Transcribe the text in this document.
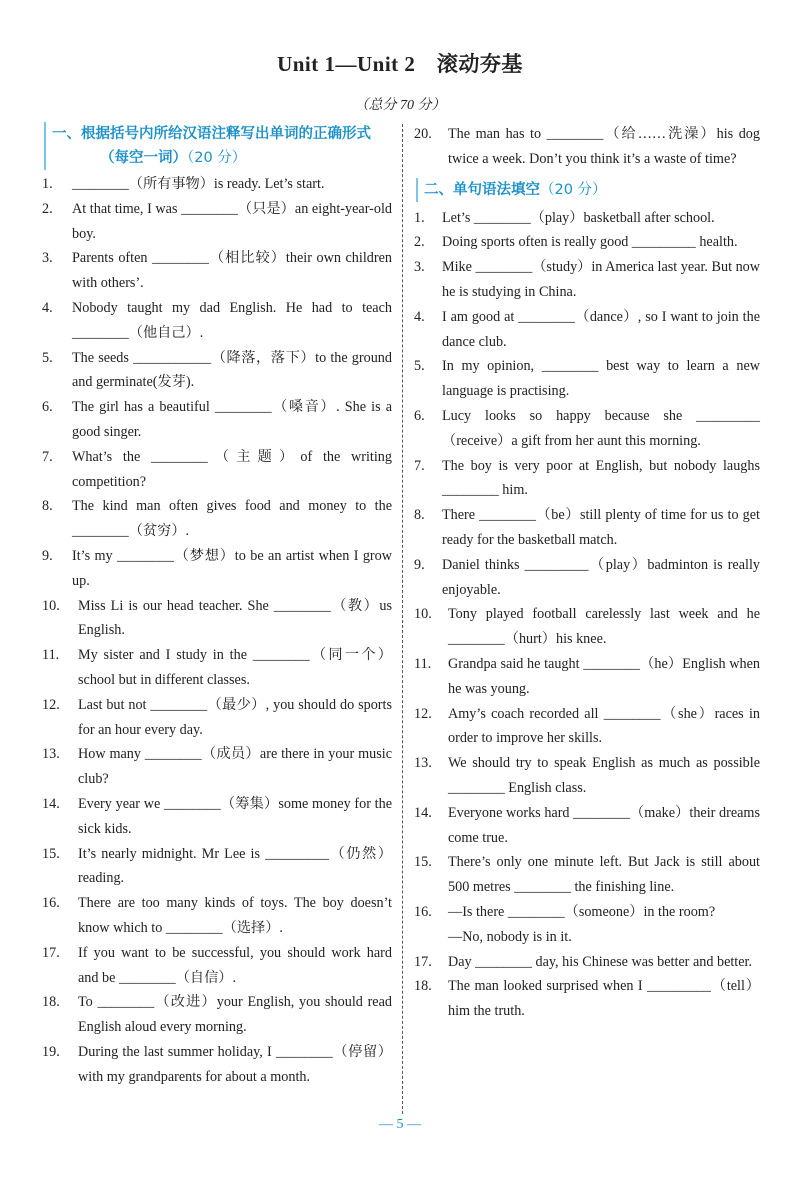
Unit 1—Unit 2　滚动夯基
（总分 70 分）
一、根据括号内所给汉语注释写出单词的正确形式
（每空一词）（20 分）
1.	________（所有事物）is ready. Let’s start.
2.	At that time, I was ________（只是）an eight-year-old boy.
3.	Parents often ________（相比较）their own children with others’.
4.	Nobody taught my dad English. He had to teach ________（他自己）.
5.	The seeds ___________（降落，落下）to the ground and germinate(发芽).
6.	The girl has a beautiful ________（嗓音）. She is a good singer.
7.	What’s the ________（主题）of the writing competition?
8.	The kind man often gives food and money to the ________（贫穷）.
9.	It’s my ________（梦想）to be an artist when I grow up.
10.	Miss Li is our head teacher. She ________（教）us English.
11.	My sister and I study in the ________（同一个）school but in different classes.
12.	Last but not ________（最少）, you should do sports for an hour every day.
13.	How many ________（成员）are there in your music club?
14.	Every year we ________（筹集）some money for the sick kids.
15.	It’s nearly midnight. Mr Lee is _________（仍然）reading.
16.	There are too many kinds of toys. The boy doesn’t know which to ________（选择）.
17.	If you want to be successful, you should work hard and be ________（自信）.
18.	To ________（改进）your English, you should read English aloud every morning.
19.	During the last summer holiday, I ________（停留）with my grandparents for about a month.
20.	The man has to ________（给……洗澡）his dog twice a week. Don’t you think it’s a waste of time?
二、单句语法填空（20 分）
1.	Let’s ________（play）basketball after school.
2.	Doing sports often is really good _________ health.
3.	Mike ________（study）in America last year. But now he is studying in China.
4.	I am good at ________（dance）, so I want to join the dance club.
5.	In my opinion, ________ best way to learn a new language is practising.
6.	Lucy looks so happy because she _________（receive）a gift from her aunt this morning.
7.	The boy is very poor at English, but nobody laughs ________ him.
8.	There ________（be）still plenty of time for us to get ready for the basketball match.
9.	Daniel thinks _________（play）badminton is really enjoyable.
10.	Tony played football carelessly last week and he ________（hurt）his knee.
11.	Grandpa said he taught ________（he）English when he was young.
12.	Amy’s coach recorded all ________（she）races in order to improve her skills.
13.	We should try to speak English as much as possible ________ English class.
14.	Everyone works hard ________（make）their dreams come true.
15.	There’s only one minute left. But Jack is still about 500 metres ________ the finishing line.
16.	—Is there ________（someone）in the room?
—No, nobody is in it.
17.	Day ________ day, his Chinese was better and better.
18.	The man looked surprised when I _________（tell）him the truth.
— 5 —
